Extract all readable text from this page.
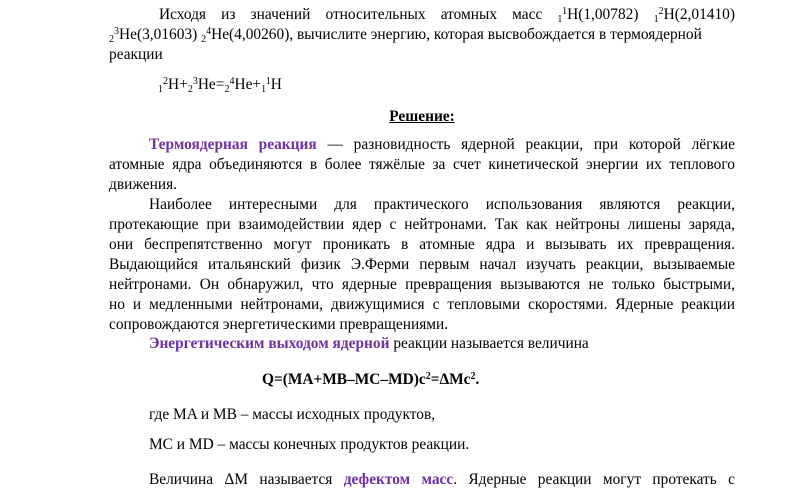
Исходя из значений относительных атомных масс $_1^1$H(1,00782) $_1^2$H(2,01410)
$_2^3$He(3,01603) $_2^4$He(4,00260), вычислите энергию, которая высвобождается в термоядерной
реакции
$_1^2H+_2^3He=_2^4He+_1^1H$
Решение:
Термоядерная реакция — разновидность ядерной реакции, при которой лёгкие
атомные ядра объединяются в более тяжёлые за счет кинетической энергии их теплового
движения.
Наиболее интересными для практического использования являются реакции,
протекающие при взаимодействии ядер с нейтронами. Так как нейтроны лишены заряда,
они беспрепятственно могут проникать в атомные ядра и вызывать их превращения.
Выдающийся итальянский физик Э.Ферми первым начал изучать реакции, вызываемые
нейтронами. Он обнаружил, что ядерные превращения вызываются не только быстрыми,
но и медленными нейтронами, движущимися с тепловыми скоростями. Ядерные реакции
сопровождаются энергетическими превращениями.
Энергетическим выходом ядерной реакции называется величина
$Q=(MA+MB-MC-MD)c^2=\Delta Mc^2$.
где MA и MB – массы исходных продуктов,
MC и MD – массы конечных продуктов реакции.
Величина ΔM называется дефектом масс. Ядерные реакции могут протекать с
